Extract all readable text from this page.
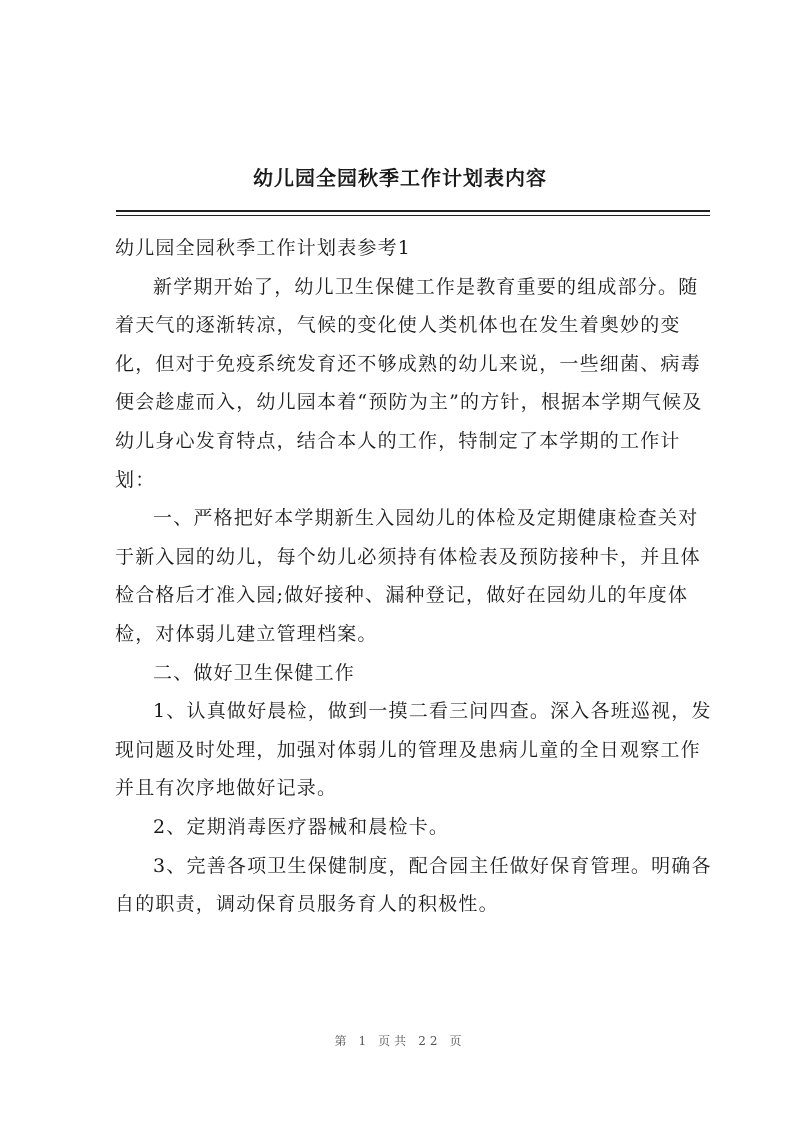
幼儿园全园秋季工作计划表内容

幼儿园全园秋季工作计划表参考1

新学期开始了，幼儿卫生保健工作是教育重要的组成部分。随着天气的逐渐转凉，气候的变化使人类机体也在发生着奥妙的变化，但对于免疫系统发育还不够成熟的幼儿来说，一些细菌、病毒便会趁虚而入，幼儿园本着“预防为主”的方针，根据本学期气候及幼儿身心发育特点，结合本人的工作，特制定了本学期的工作计划：

一、严格把好本学期新生入园幼儿的体检及定期健康检查关对于新入园的幼儿，每个幼儿必须持有体检表及预防接种卡，并且体检合格后才准入园;做好接种、漏种登记，做好在园幼儿的年度体检，对体弱儿建立管理档案。

二、做好卫生保健工作

1、认真做好晨检，做到一摸二看三问四查。深入各班巡视，发现问题及时处理，加强对体弱儿的管理及患病儿童的全日观察工作并且有次序地做好记录。

2、定期消毒医疗器械和晨检卡。

3、完善各项卫生保健制度，配合园主任做好保育管理。明确各自的职责，调动保育员服务育人的积极性。

第 1 页共 22 页
